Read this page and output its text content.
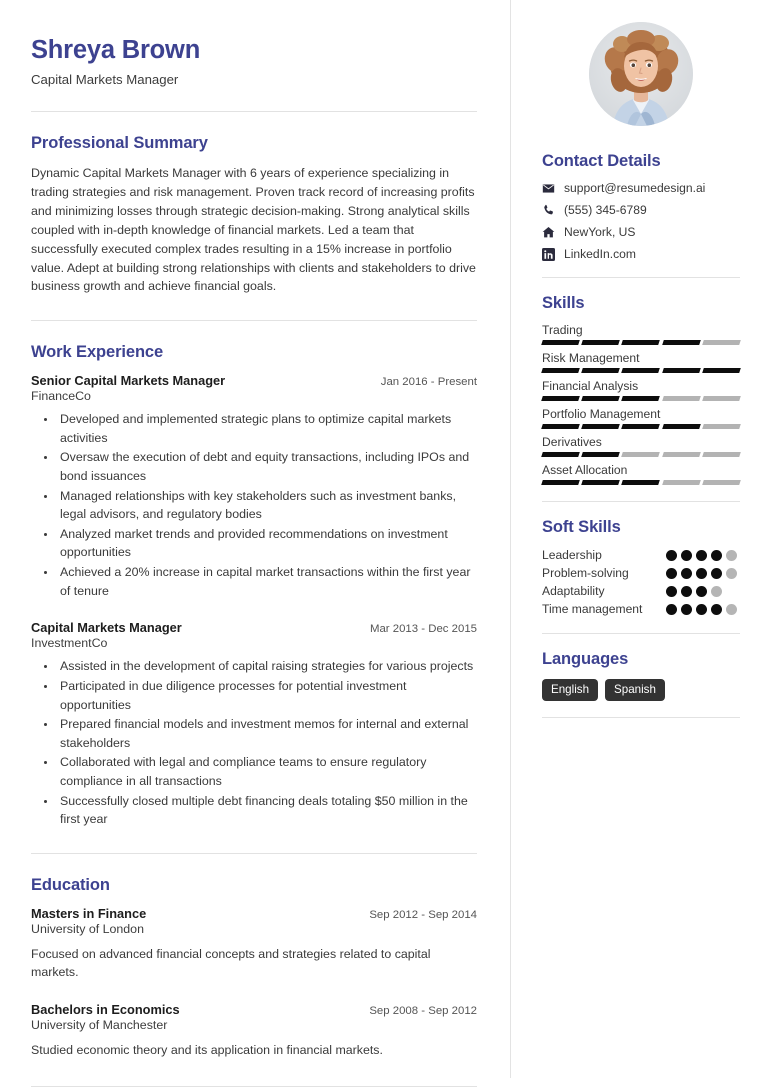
Shreya Brown
Capital Markets Manager
Professional Summary
Dynamic Capital Markets Manager with 6 years of experience specializing in trading strategies and risk management. Proven track record of increasing profits and minimizing losses through strategic decision-making. Strong analytical skills coupled with in-depth knowledge of financial markets. Led a team that successfully executed complex trades resulting in a 15% increase in portfolio value. Adept at building strong relationships with clients and stakeholders to drive business growth and achieve financial goals.
Work Experience
Senior Capital Markets Manager	Jan 2016 - Present
FinanceCo
• Developed and implemented strategic plans to optimize capital markets activities
• Oversaw the execution of debt and equity transactions, including IPOs and bond issuances
• Managed relationships with key stakeholders such as investment banks, legal advisors, and regulatory bodies
• Analyzed market trends and provided recommendations on investment opportunities
• Achieved a 20% increase in capital market transactions within the first year of tenure
Capital Markets Manager	Mar 2013 - Dec 2015
InvestmentCo
• Assisted in the development of capital raising strategies for various projects
• Participated in due diligence processes for potential investment opportunities
• Prepared financial models and investment memos for internal and external stakeholders
• Collaborated with legal and compliance teams to ensure regulatory compliance in all transactions
• Successfully closed multiple debt financing deals totaling $50 million in the first year
Education
Masters in Finance	Sep 2012 - Sep 2014
University of London
Focused on advanced financial concepts and strategies related to capital markets.
Bachelors in Economics	Sep 2008 - Sep 2012
University of Manchester
Studied economic theory and its application in financial markets.
Contact Details
support@resumedesign.ai
(555) 345-6789
NewYork, US
LinkedIn.com
Skills
Trading
Risk Management
Financial Analysis
Portfolio Management
Derivatives
Asset Allocation
Soft Skills
Leadership
Problem-solving
Adaptability
Time management
Languages
English	Spanish
